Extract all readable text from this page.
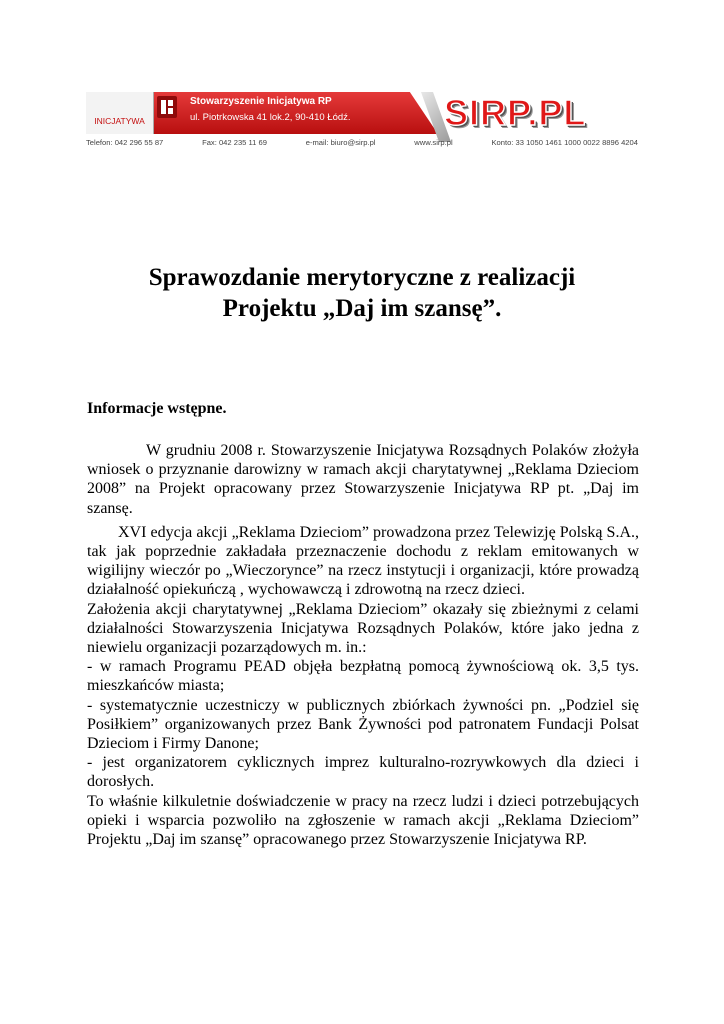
INICJATYWA
Stowarzyszenie Inicjatywa RP
ul. Piotrkowska 41 lok.2, 90-410 Łódź.	SIRP.PL
Telefon: 042 296 55 87	Fax: 042 235 11 69	e-mail: biuro@sirp.pl	www.sirp.pl	Konto: 33 1050 1461 1000 0022 8896 4204
Sprawozdanie merytoryczne z realizacji
Projektu „Daj im szansę”.
Informacje wstępne.

W grudniu 2008 r. Stowarzyszenie Inicjatywa Rozsądnych Polaków złożyła wniosek o przyznanie darowizny w ramach akcji charytatywnej „Reklama Dzieciom 2008” na Projekt opracowany przez Stowarzyszenie Inicjatywa RP pt. „Daj im szansę.

XVI edycja akcji „Reklama Dzieciom” prowadzona przez Telewizję Polską S.A., tak jak poprzednie zakładała przeznaczenie dochodu z reklam emitowanych w wigilijny wieczór po „Wieczorynce” na rzecz instytucji i organizacji, które prowadzą działalność opiekuńczą , wychowawczą i zdrowotną na rzecz dzieci.

Założenia akcji charytatywnej „Reklama Dzieciom” okazały się zbieżnymi z celami działalności Stowarzyszenia Inicjatywa Rozsądnych Polaków, które jako jedna z niewielu organizacji pozarządowych m. in.:

- w ramach Programu PEAD objęła bezpłatną pomocą żywnościową ok. 3,5 tys. mieszkańców miasta;
- systematycznie uczestniczy w publicznych zbiórkach żywności pn. „Podziel się Posiłkiem” organizowanych przez Bank Żywności pod patronatem Fundacji Polsat Dzieciom i Firmy Danone;
- jest organizatorem cyklicznych imprez kulturalno-rozrywkowych dla dzieci i dorosłych.

To właśnie kilkuletnie doświadczenie w pracy na rzecz ludzi i dzieci potrzebujących opieki i wsparcia pozwoliło na zgłoszenie w ramach akcji „Reklama Dzieciom” Projektu „Daj im szansę” opracowanego przez Stowarzyszenie Inicjatywa RP.
